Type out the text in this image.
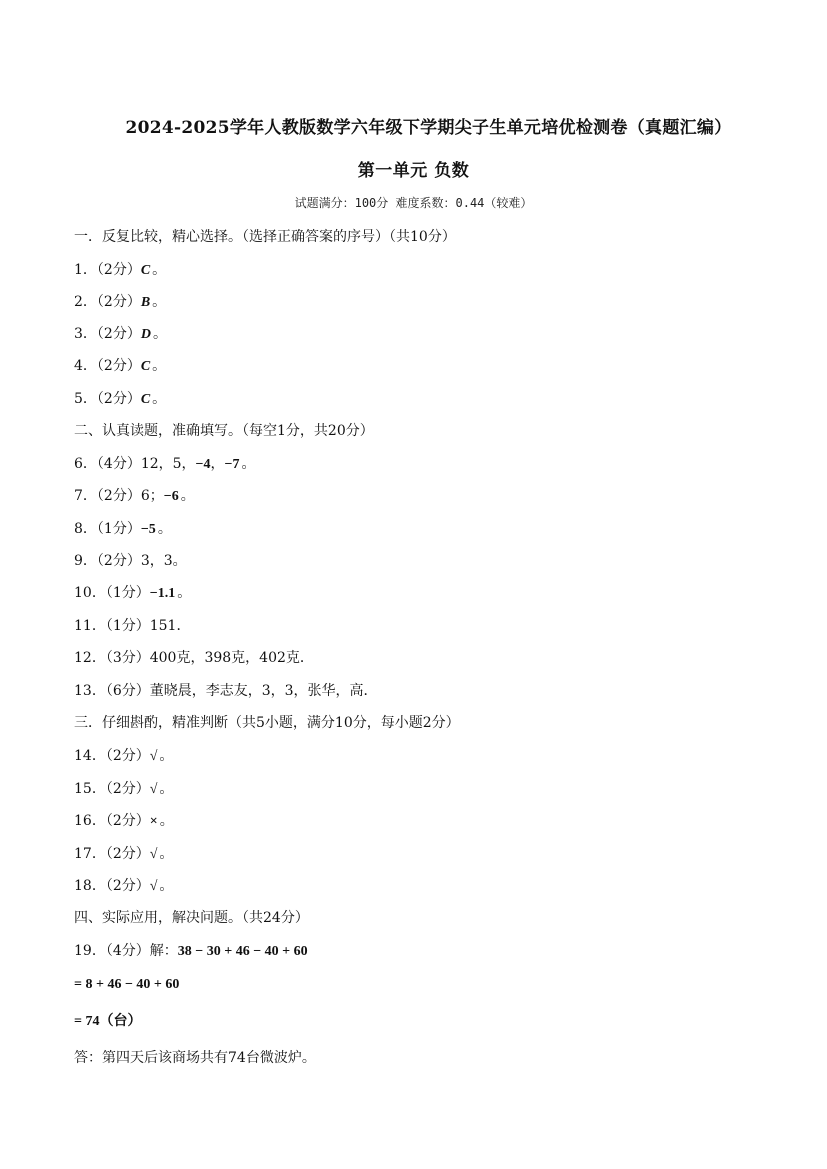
2024-2025学年人教版数学六年级下学期尖子生单元培优检测卷（真题汇编）
第一单元 负数
试题满分：100分 难度系数：0.44（较难）
一．反复比较，精心选择。（选择正确答案的序号）（共10分）
1．（2分）C 。
2．（2分）B 。
3．（2分）D 。
4．（2分）C 。
5．（2分）C 。
二、认真读题，准确填写。（每空1分，共20分）
6．（4分）12，5，−4，−7 。
7．（2分）6；−6 。
8．（1分）−5 。
9．（2分）3，3。
10．（1分）−1.1 。
11．（1分）151．
12．（3分）400克，398克，402克．
13．（6分）董晓晨，李志友，3，3，张华，高．
三．仔细斟酌，精准判断（共5小题，满分10分，每小题2分）
14．（2分）√ 。
15．（2分）√ 。
16．（2分）× 。
17．（2分）√ 。
18．（2分）√ 。
四、实际应用，解决问题。（共24分）
19．（4分）解：38 − 30 + 46 − 40 + 60
= 8 + 46 − 40 + 60
= 74（台）
答：第四天后该商场共有74台微波炉。
